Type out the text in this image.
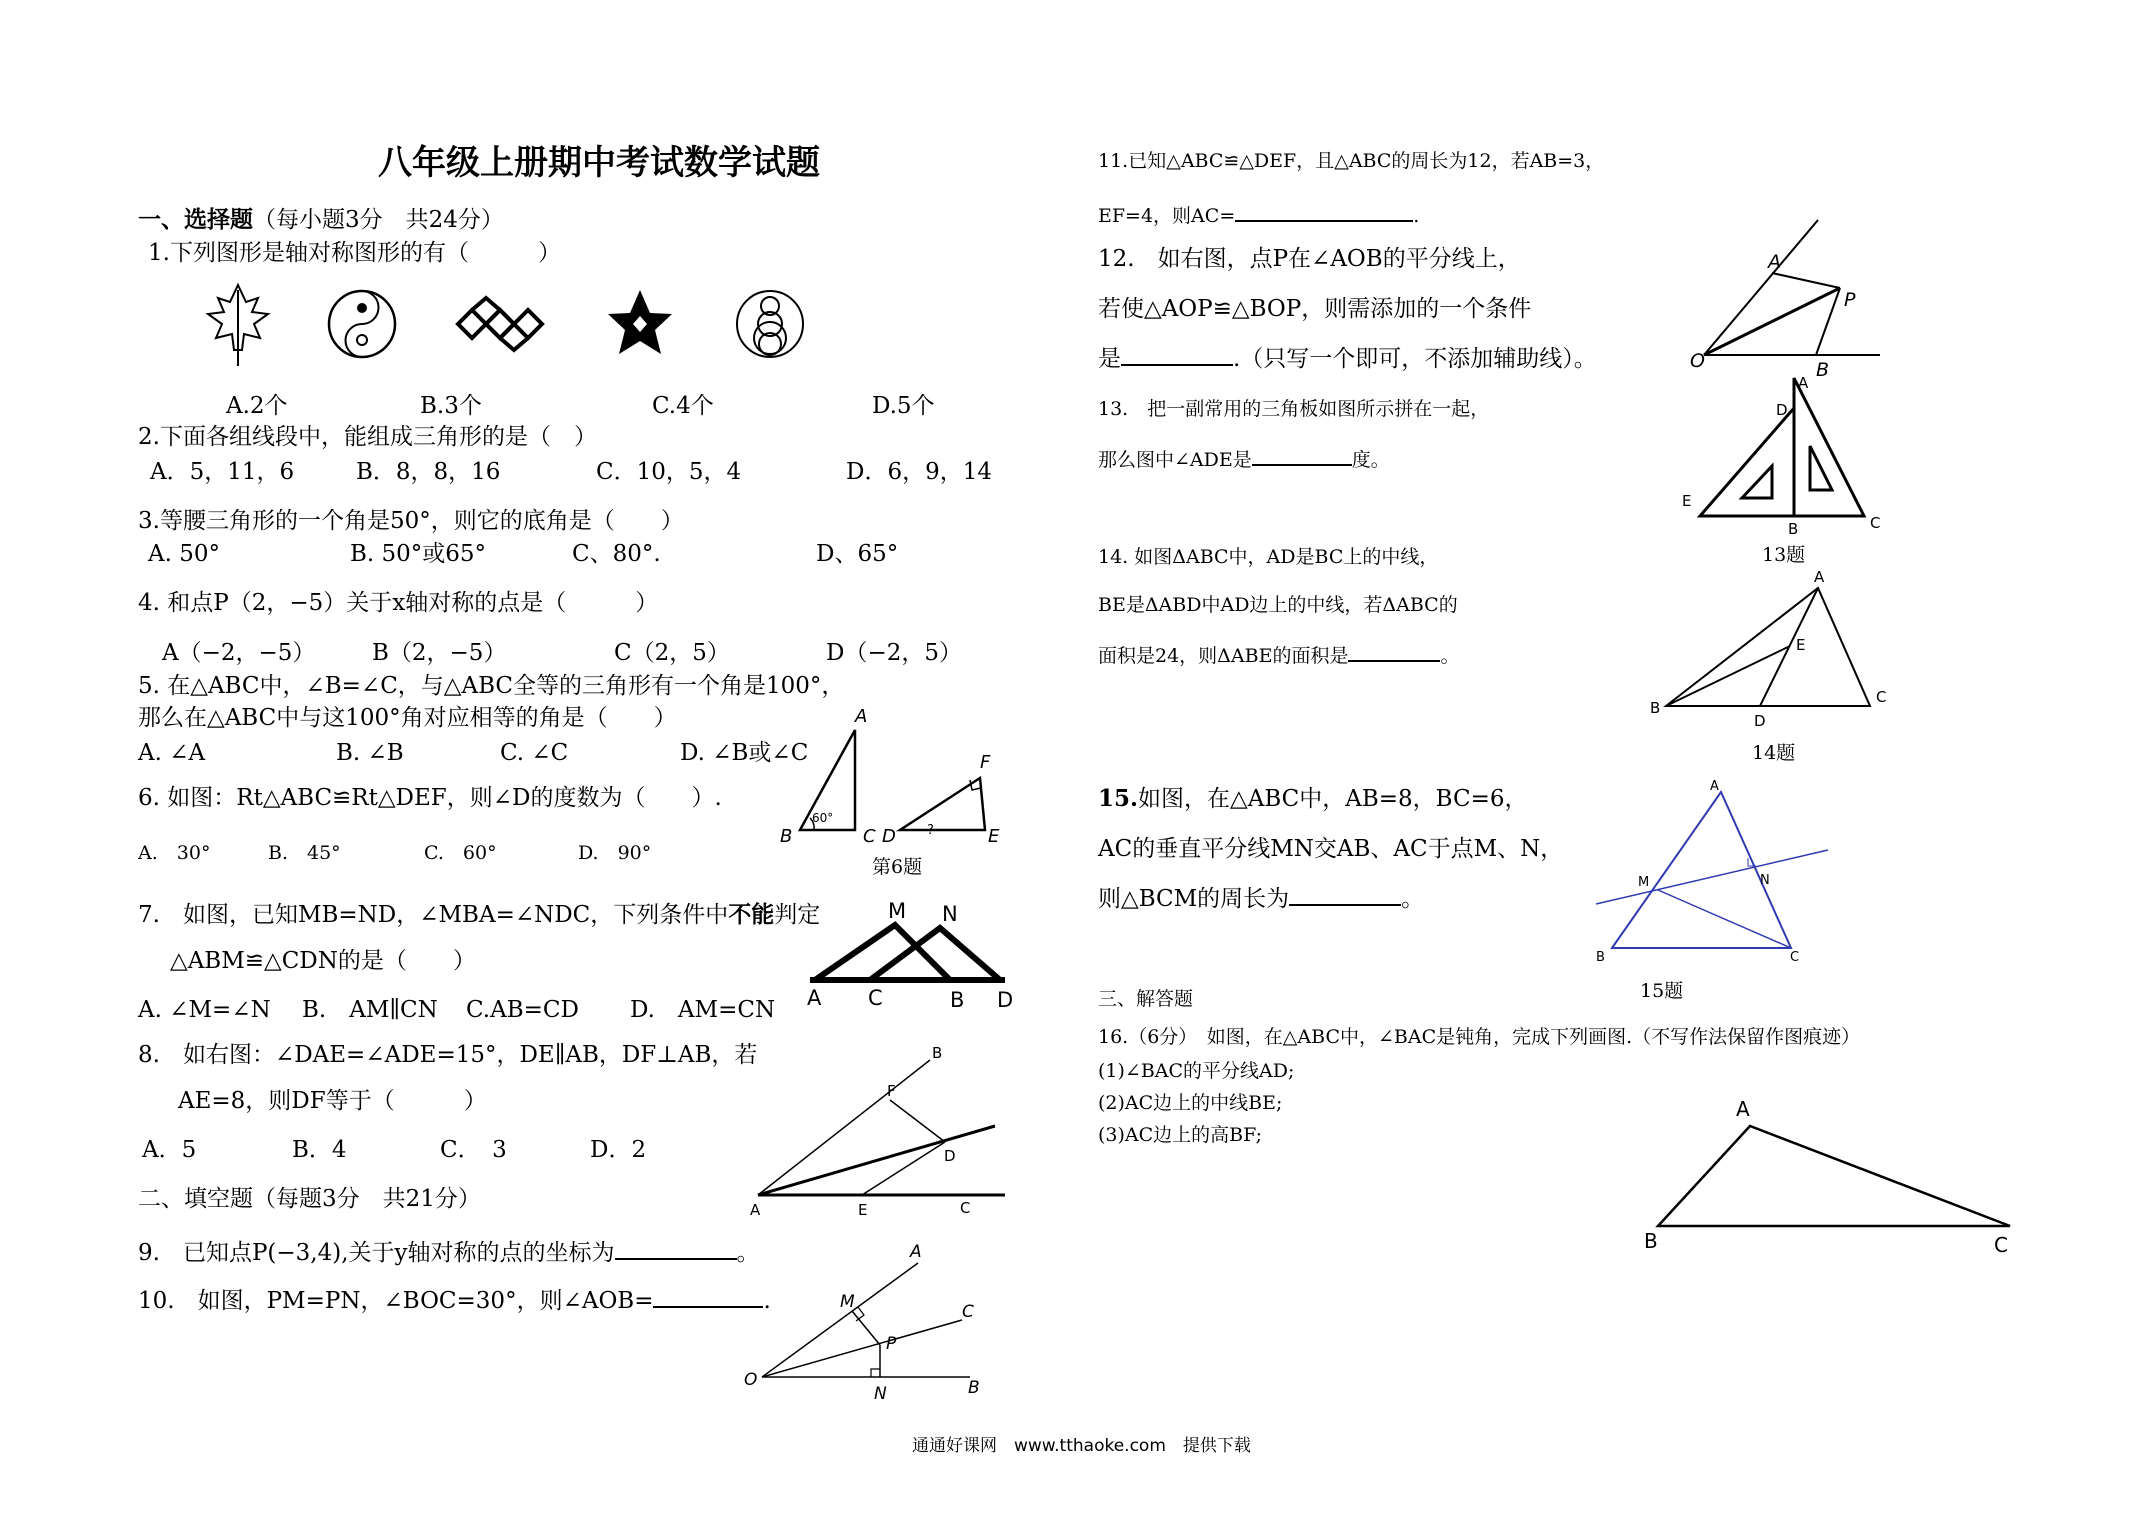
八年级上册期中考试数学试题
一、选择题（每小题3分　共24分）
1.下列图形是轴对称图形的有（　　　）
A.2个	B.3个	C.4个	D.5个
2.下面各组线段中，能组成三角形的是（　）
A．5，11，6	B．8，8，16	C．10，5，4	D．6，9，14
3.等腰三角形的一个角是50°，则它的底角是（　　）
A. 50°	B. 50°或65°	C、80°.	D、65°
4. 和点P（2，−5）关于x轴对称的点是（　　　）
A（−2，−5） B（2，−5）	C（2，5）	D（−2，5）
5. 在△ABC中，∠B=∠C，与△ABC全等的三角形有一个角是100°，
那么在△ABC中与这100°角对应相等的角是（　　）
A. ∠A	B. ∠B	C. ∠C	D. ∠B或∠C
6. 如图：Rt△ABC≌Rt△DEF，则∠D的度数为（　　）.
A.　30°	B.　45°	C.　60°	D.　90°
A
B	C
60°
D	E
F
?
第6题
7.　如图，已知MB=ND，∠MBA=∠NDC，下列条件中不能判定
△ABM≌△CDN的是（　　）
A. ∠M=∠N B.　AM∥CN C.AB=CD D.　AM=CN
M N
A C	B D
8.　如右图：∠DAE=∠ADE=15°，DE∥AB，DF⊥AB，若
AE=8，则DF等于（　　　）
A．5	B．4	C．　3	D．2
B
F
D
A	E	C
二、填空题（每题3分　共21分）
9.　已知点P(−3,4),关于y轴对称的点的坐标为	。
10.　如图，PM=PN，∠BOC=30°，则∠AOB=	.
A
M	C
P
O
N	B
11.已知△ABC≌△DEF，且△ABC的周长为12，若AB=3，
EF=4，则AC=	.
12.　如右图，点P在∠AOB的平分线上，
若使△AOP≌△BOP，则需添加的一个条件
是	.（只写一个即可，不添加辅助线）。
A
P
O	B
13.　把一副常用的三角板如图所示拼在一起，
那么图中∠ADE是	度。
A
D
E
B	C
13题
14. 如图ΔABC中，AD是BC上的中线，
BE是ΔABD中AD边上的中线，若ΔABC的
面积是24，则ΔABE的面积是	。
A
E
B
D
C
14题
15.如图，在△ABC中，AB=8，BC=6，
AC的垂直平分线MN交AB、AC于点M、N，
则△BCM的周长为	。
A
M	N
B	C
15题
三、解答题
16.（6分）　如图，在△ABC中，∠BAC是钝角，完成下列画图.（不写作法保留作图痕迹）
(1)∠BAC的平分线AD;
(2)AC边上的中线BE;
(3)AC边上的高BF;
A
B	C
通通好课网　www.tthaoke.com　提供下载
